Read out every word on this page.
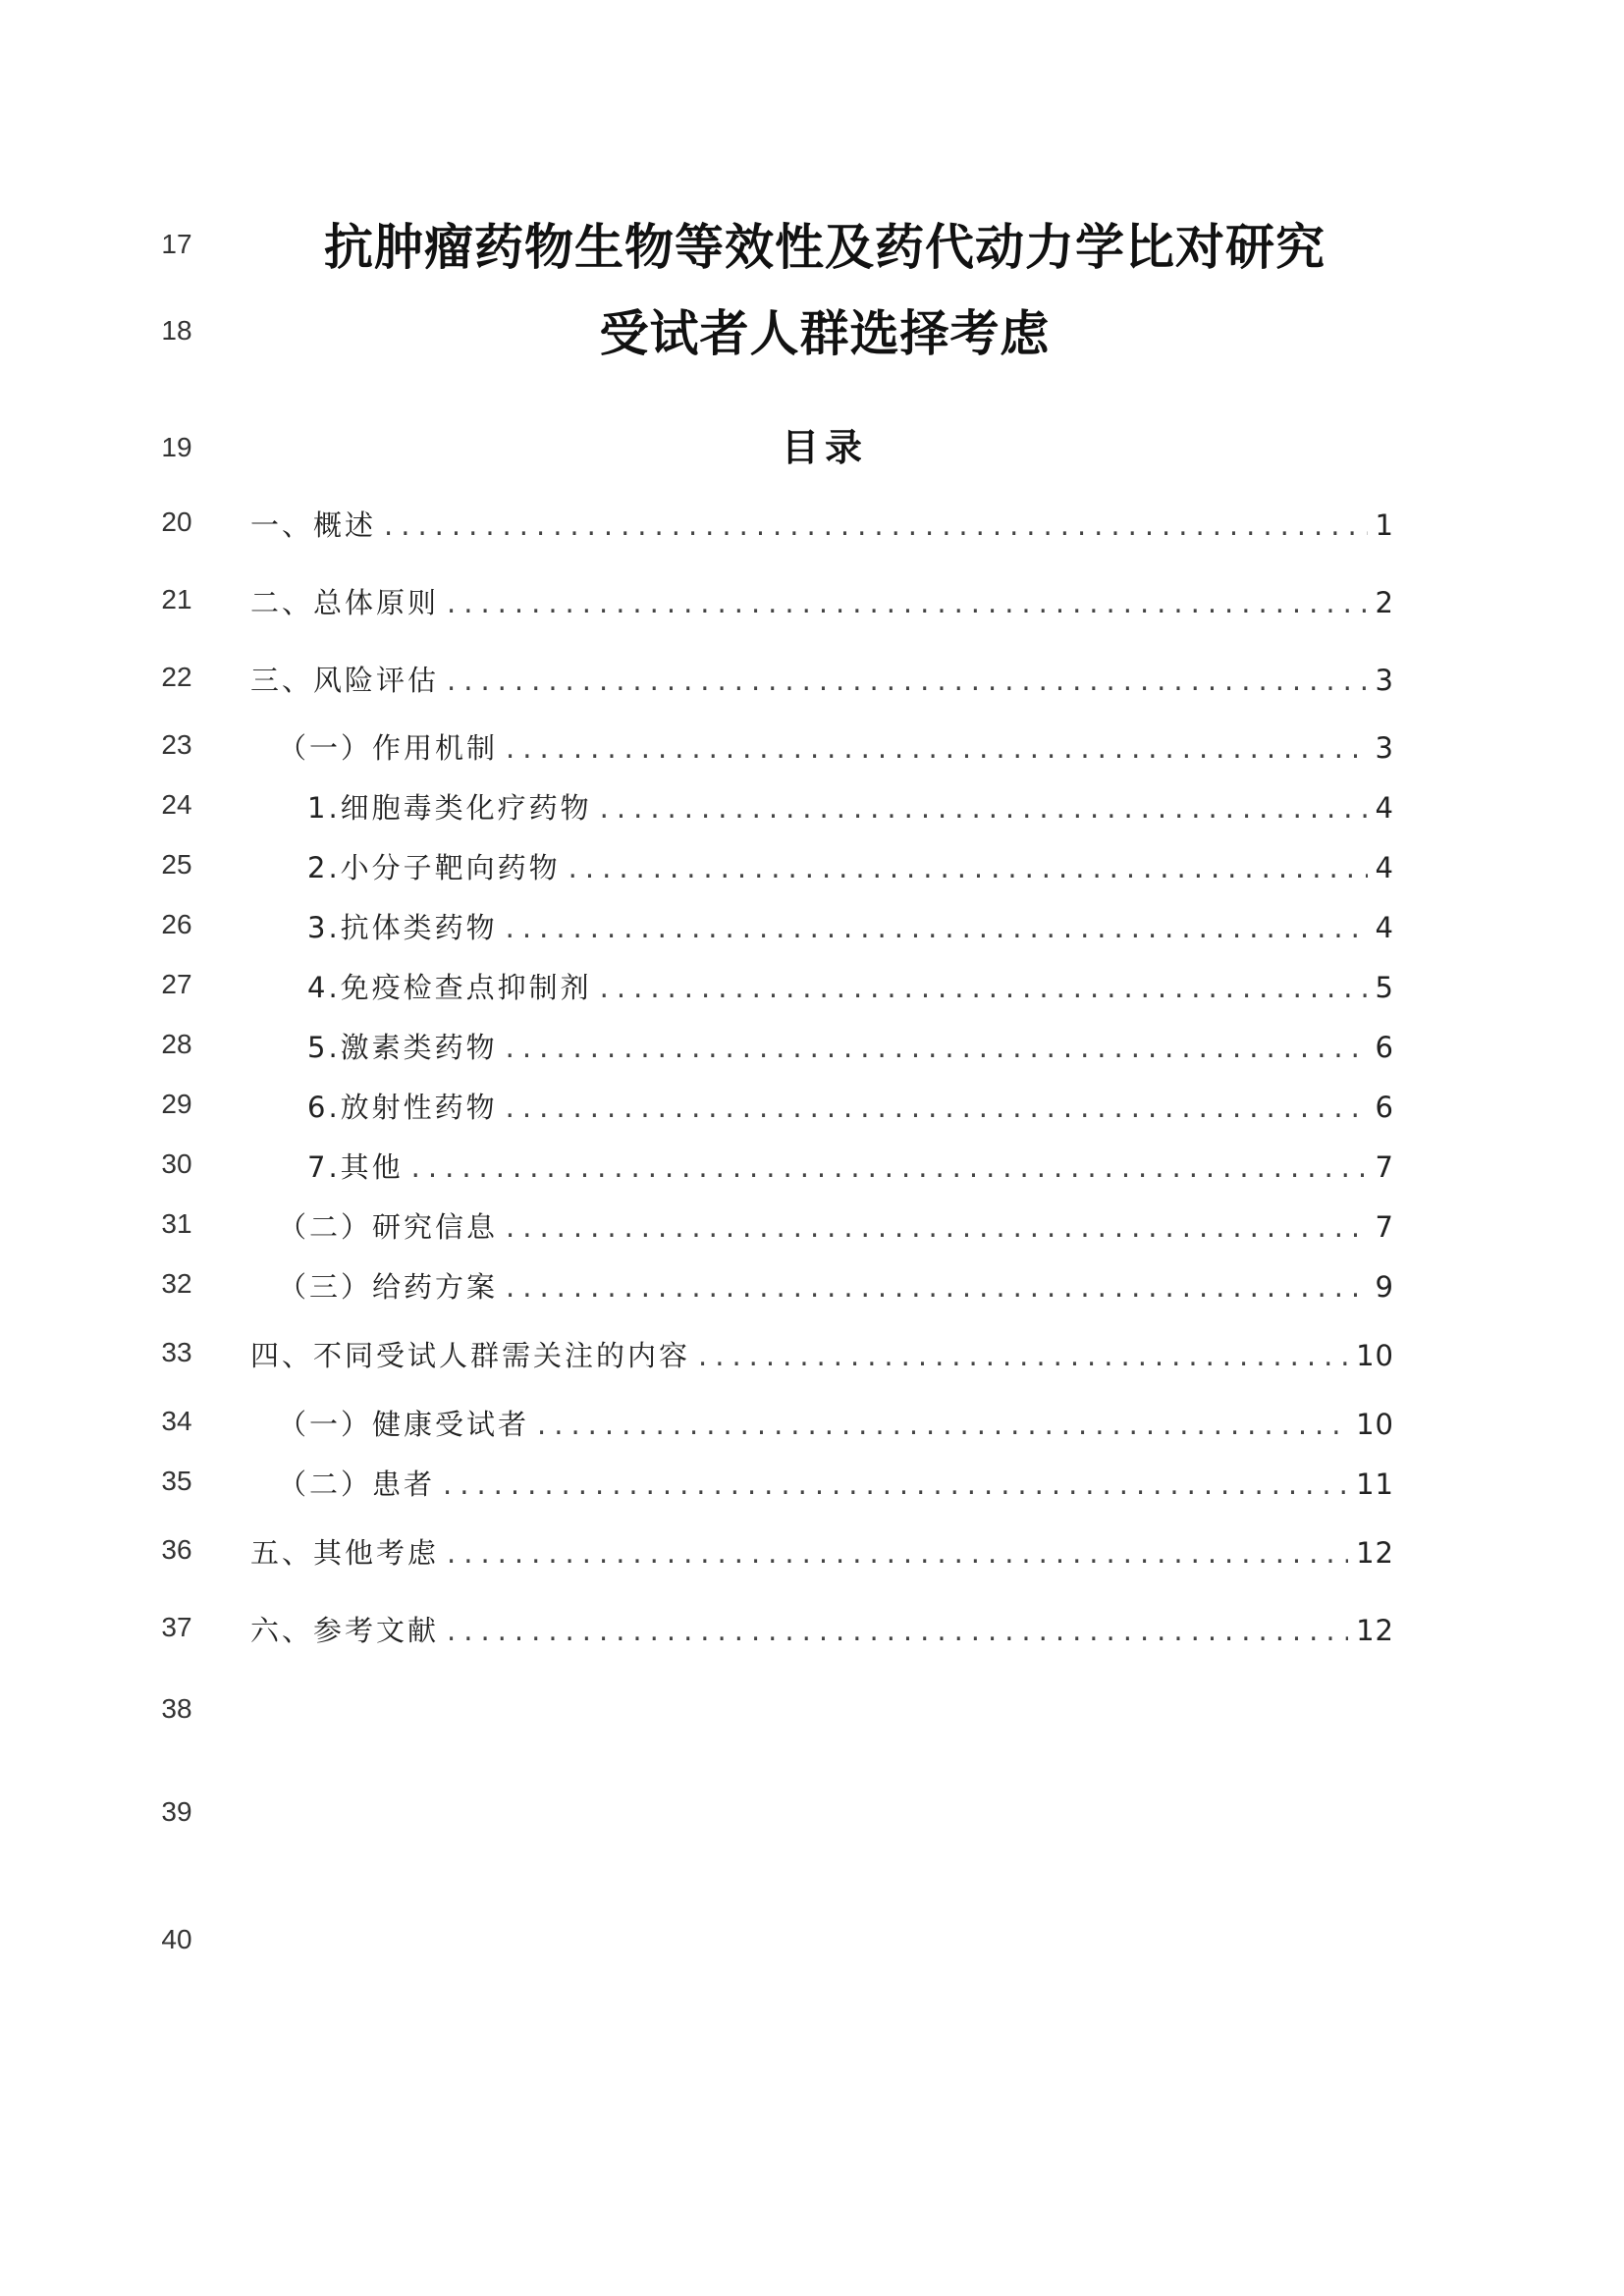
17
18
19
20
21
22
23
24
25
26
27
28
29
30
31
32
33
34
35
36
37
38
39
40
抗肿瘤药物生物等效性及药代动力学比对研究
受试者人群选择考虑
目录
一、概述 .....	1
二、总体原则 .....	2
三、风险评估 .....	3
（一）作用机制 .....	3
1.细胞毒类化疗药物 .....	4
2.小分子靶向药物 .....	4
3.抗体类药物 .....	4
4.免疫检查点抑制剂 .....	5
5.激素类药物 .....	6
6.放射性药物 .....	6
7.其他 .....	7
（二）研究信息 .....	7
（三）给药方案 .....	9
四、不同受试人群需关注的内容 .....	10
（一）健康受试者 .....	10
（二）患者 .....	11
五、其他考虑 .....	12
六、参考文献 .....	12
